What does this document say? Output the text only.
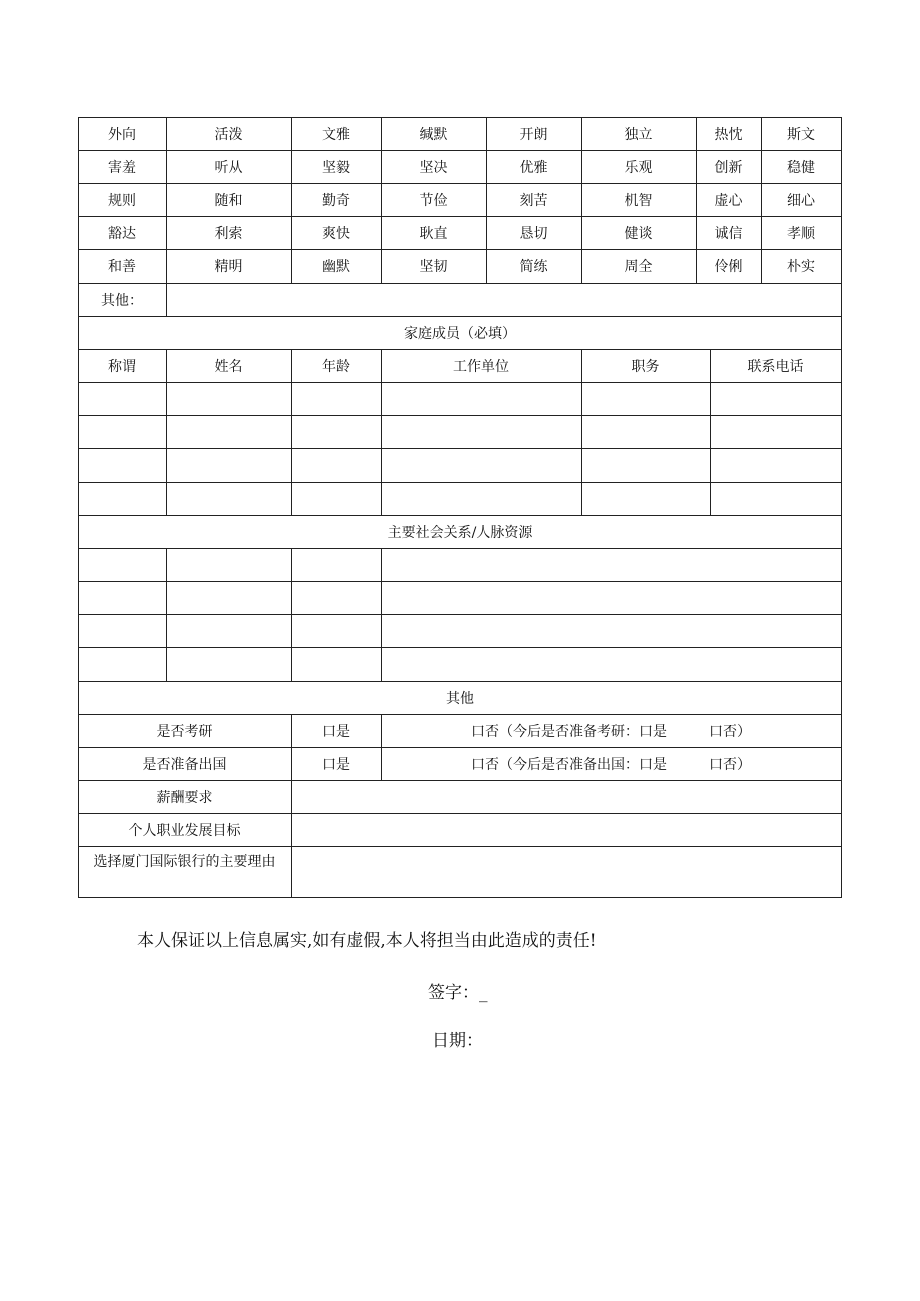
外向	活泼	文雅	缄默	开朗	独立	热忱	斯文
害羞	听从	坚毅	坚决	优雅	乐观	创新	稳健
规则	随和	勤奇	节俭	刻苦	机智	虚心	细心
豁达	利索	爽快	耿直	恳切	健谈	诚信	孝顺
和善	精明	幽默	坚韧	简练	周全	伶俐	朴实
其他：
家庭成员（必填）
称谓	姓名	年龄	工作单位	职务	联系电话
主要社会关系/人脉资源
其他
是否考研	口是	口否（今后是否准备考研：口是　　　口否）
是否准备出国	口是	口否（今后是否准备出国：口是　　　口否）
薪酬要求
个人职业发展目标
选择厦门国际银行的主要理由
本人保证以上信息属实,如有虚假,本人将担当由此造成的责任!
签字：_
日期：
